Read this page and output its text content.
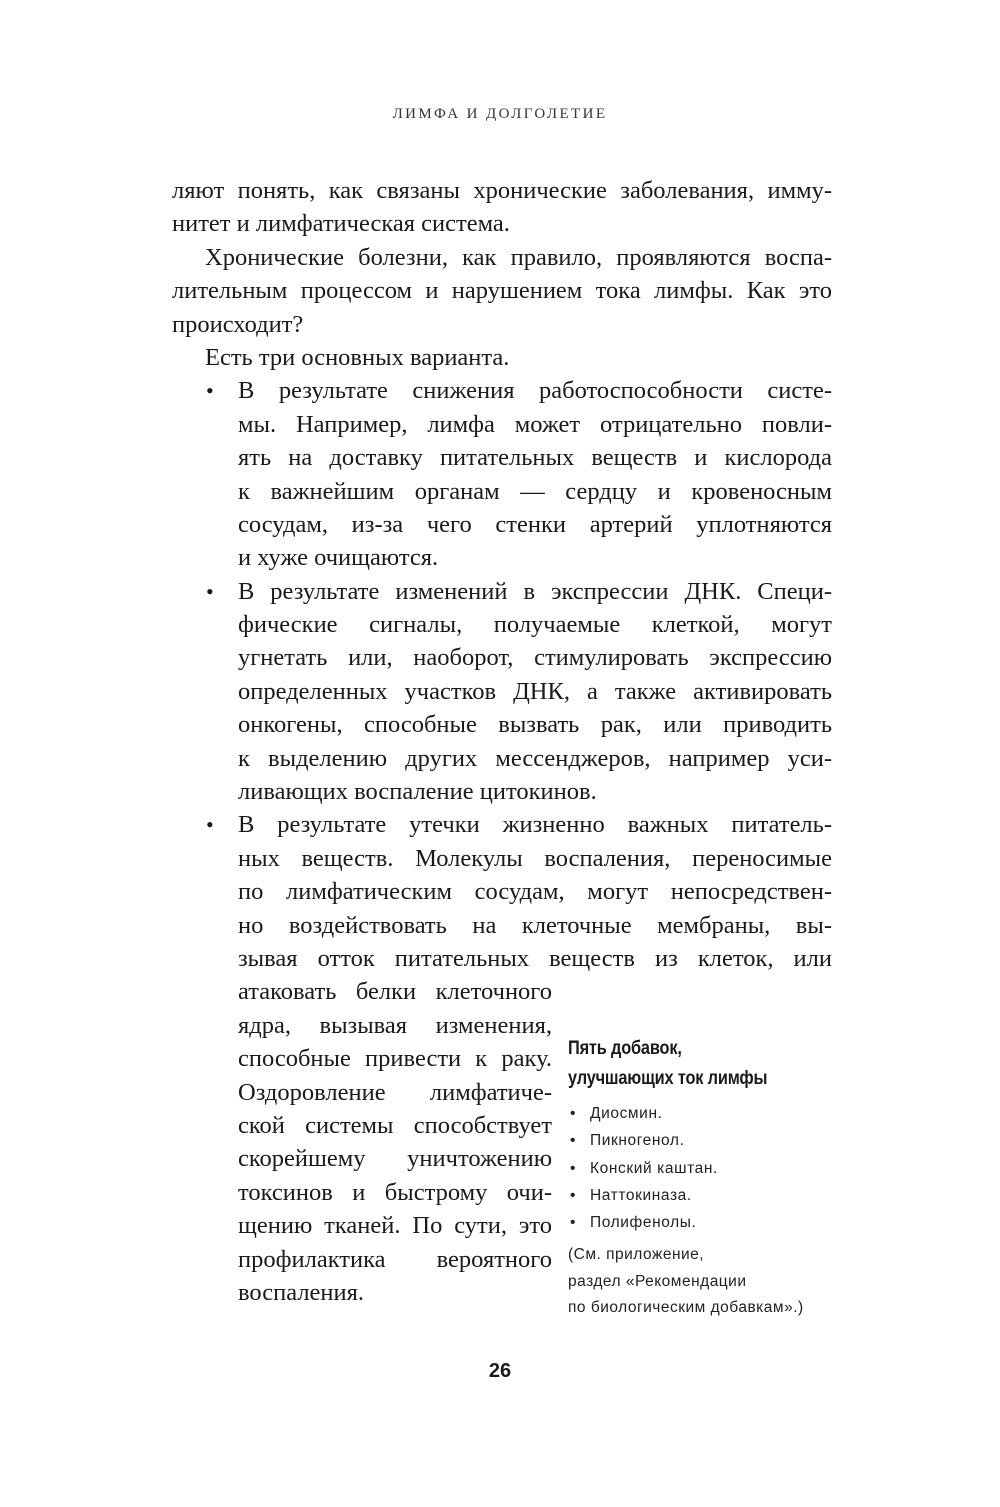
ЛИМФА И ДОЛГОЛЕТИЕ
ляют понять, как связаны хронические заболевания, имму-
нитет и лимфатическая система.
Хронические болезни, как правило, проявляются воспа-
лительным процессом и нарушением тока лимфы. Как это
происходит?
Есть три основных варианта.
• В результате снижения работоспособности систе-
мы. Например, лимфа может отрицательно повли-
ять на доставку питательных веществ и кислорода
к важнейшим органам — сердцу и кровеносным
сосудам, из-за чего стенки артерий уплотняются
и хуже очищаются.
• В результате изменений в экспрессии ДНК. Специ-
фические сигналы, получаемые клеткой, могут
угнетать или, наоборот, стимулировать экспрессию
определенных участков ДНК, а также активировать
онкогены, способные вызвать рак, или приводить
к выделению других мессенджеров, например уси-
ливающих воспаление цитокинов.
• В результате утечки жизненно важных питатель-
ных веществ. Молекулы воспаления, переносимые
по лимфатическим сосудам, могут непосредствен-
но воздействовать на клеточные мембраны, вы-
зывая отток питательных веществ из клеток, или
атаковать белки клеточного
ядра, вызывая изменения,
способные привести к раку.
Оздоровление лимфатиче-
ской системы способствует
скорейшему уничтожению
токсинов и быстрому очи-
щению тканей. По сути, это
профилактика вероятного
воспаления.
Пять добавок,
улучшающих ток лимфы
• Диосмин.
• Пикногенол.
• Конский каштан.
• Наттокиназа.
• Полифенолы.
(См. приложение,
раздел «Рекомендации
по биологическим добавкам».)
26
